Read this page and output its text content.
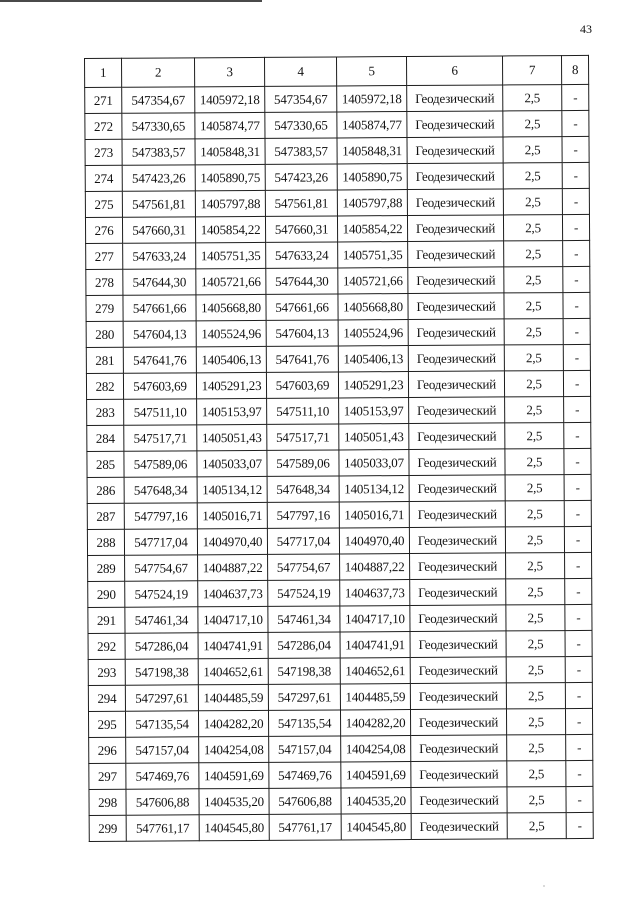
43
1	2	3	4	5	6	7	8
271	547354,67	1405972,18	547354,67	1405972,18	Геодезический	2,5	-
272	547330,65	1405874,77	547330,65	1405874,77	Геодезический	2,5	-
273	547383,57	1405848,31	547383,57	1405848,31	Геодезический	2,5	-
274	547423,26	1405890,75	547423,26	1405890,75	Геодезический	2,5	-
275	547561,81	1405797,88	547561,81	1405797,88	Геодезический	2,5	-
276	547660,31	1405854,22	547660,31	1405854,22	Геодезический	2,5	-
277	547633,24	1405751,35	547633,24	1405751,35	Геодезический	2,5	-
278	547644,30	1405721,66	547644,30	1405721,66	Геодезический	2,5	-
279	547661,66	1405668,80	547661,66	1405668,80	Геодезический	2,5	-
280	547604,13	1405524,96	547604,13	1405524,96	Геодезический	2,5	-
281	547641,76	1405406,13	547641,76	1405406,13	Геодезический	2,5	-
282	547603,69	1405291,23	547603,69	1405291,23	Геодезический	2,5	-
283	547511,10	1405153,97	547511,10	1405153,97	Геодезический	2,5	-
284	547517,71	1405051,43	547517,71	1405051,43	Геодезический	2,5	-
285	547589,06	1405033,07	547589,06	1405033,07	Геодезический	2,5	-
286	547648,34	1405134,12	547648,34	1405134,12	Геодезический	2,5	-
287	547797,16	1405016,71	547797,16	1405016,71	Геодезический	2,5	-
288	547717,04	1404970,40	547717,04	1404970,40	Геодезический	2,5	-
289	547754,67	1404887,22	547754,67	1404887,22	Геодезический	2,5	-
290	547524,19	1404637,73	547524,19	1404637,73	Геодезический	2,5	-
291	547461,34	1404717,10	547461,34	1404717,10	Геодезический	2,5	-
292	547286,04	1404741,91	547286,04	1404741,91	Геодезический	2,5	-
293	547198,38	1404652,61	547198,38	1404652,61	Геодезический	2,5	-
294	547297,61	1404485,59	547297,61	1404485,59	Геодезический	2,5	-
295	547135,54	1404282,20	547135,54	1404282,20	Геодезический	2,5	-
296	547157,04	1404254,08	547157,04	1404254,08	Геодезический	2,5	-
297	547469,76	1404591,69	547469,76	1404591,69	Геодезический	2,5	-
298	547606,88	1404535,20	547606,88	1404535,20	Геодезический	2,5	-
299	547761,17	1404545,80	547761,17	1404545,80	Геодезический	2,5	-
